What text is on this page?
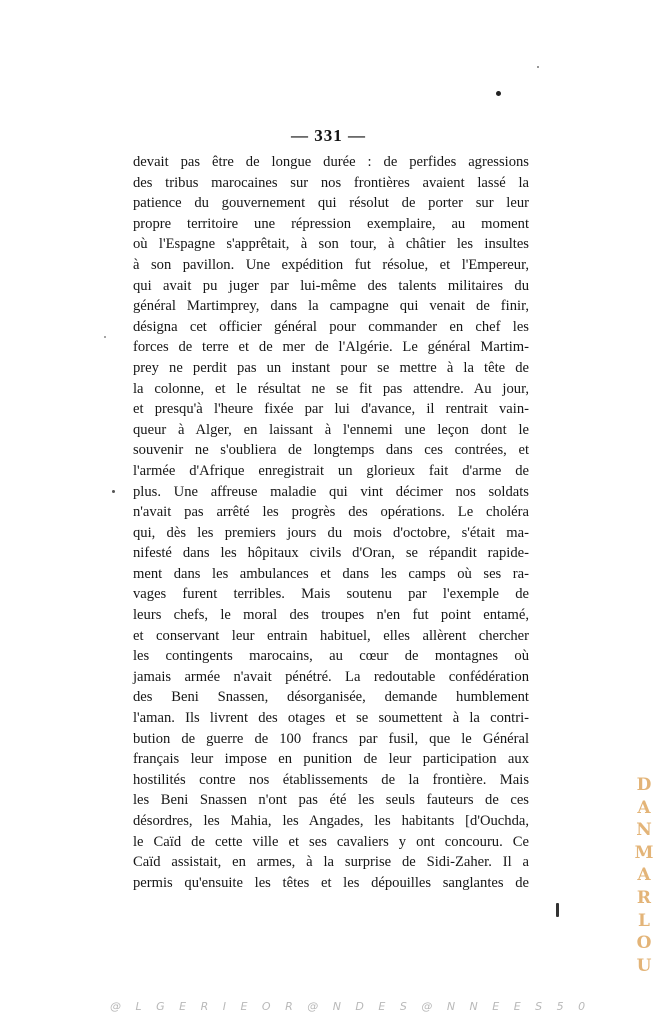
— 331 —
devait pas être de longue durée : de perfides agressions
des tribus marocaines sur nos frontières avaient lassé la
patience du gouvernement qui résolut de porter sur leur
propre territoire une répression exemplaire, au moment
où l'Espagne s'apprêtait, à son tour, à châtier les insultes
à son pavillon. Une expédition fut résolue, et l'Empereur,
qui avait pu juger par lui-même des talents militaires du
général Martimprey, dans la campagne qui venait de finir,
désigna cet officier général pour commander en chef les
forces de terre et de mer de l'Algérie. Le général Martim-
prey ne perdit pas un instant pour se mettre à la tête de
la colonne, et le résultat ne se fit pas attendre. Au jour,
et presqu'à l'heure fixée par lui d'avance, il rentrait vain-
queur à Alger, en laissant à l'ennemi une leçon dont le
souvenir ne s'oubliera de longtemps dans ces contrées, et
l'armée d'Afrique enregistrait un glorieux fait d'arme de
plus. Une affreuse maladie qui vint décimer nos soldats
n'avait pas arrêté les progrès des opérations. Le choléra
qui, dès les premiers jours du mois d'octobre, s'était ma-
nifesté dans les hôpitaux civils d'Oran, se répandit rapide-
ment dans les ambulances et dans les camps où ses ra-
vages furent terribles. Mais soutenu par l'exemple de
leurs chefs, le moral des troupes n'en fut point entamé,
et conservant leur entrain habituel, elles allèrent chercher
les contingents marocains, au cœur de montagnes où
jamais armée n'avait pénétré. La redoutable confédération
des Beni Snassen, désorganisée, demande humblement
l'aman. Ils livrent des otages et se soumettent à la contri-
bution de guerre de 100 francs par fusil, que le Général
français leur impose en punition de leur participation aux
hostilités contre nos établissements de la frontière. Mais
les Beni Snassen n'ont pas été les seuls fauteurs de ces
désordres, les Mahia, les Angades, les habitants [d'Ouchda,
le Caïd de cette ville et ses cavaliers y ont concouru. Ce
Caïd assistait, en armes, à la surprise de Sidi-Zaher. Il a
permis qu'ensuite les têtes et les dépouilles sanglantes de
D
A
N
M
A
R
L
O
U
@ L G E R I E O R @ N D E S @ N N E E S 5 0
